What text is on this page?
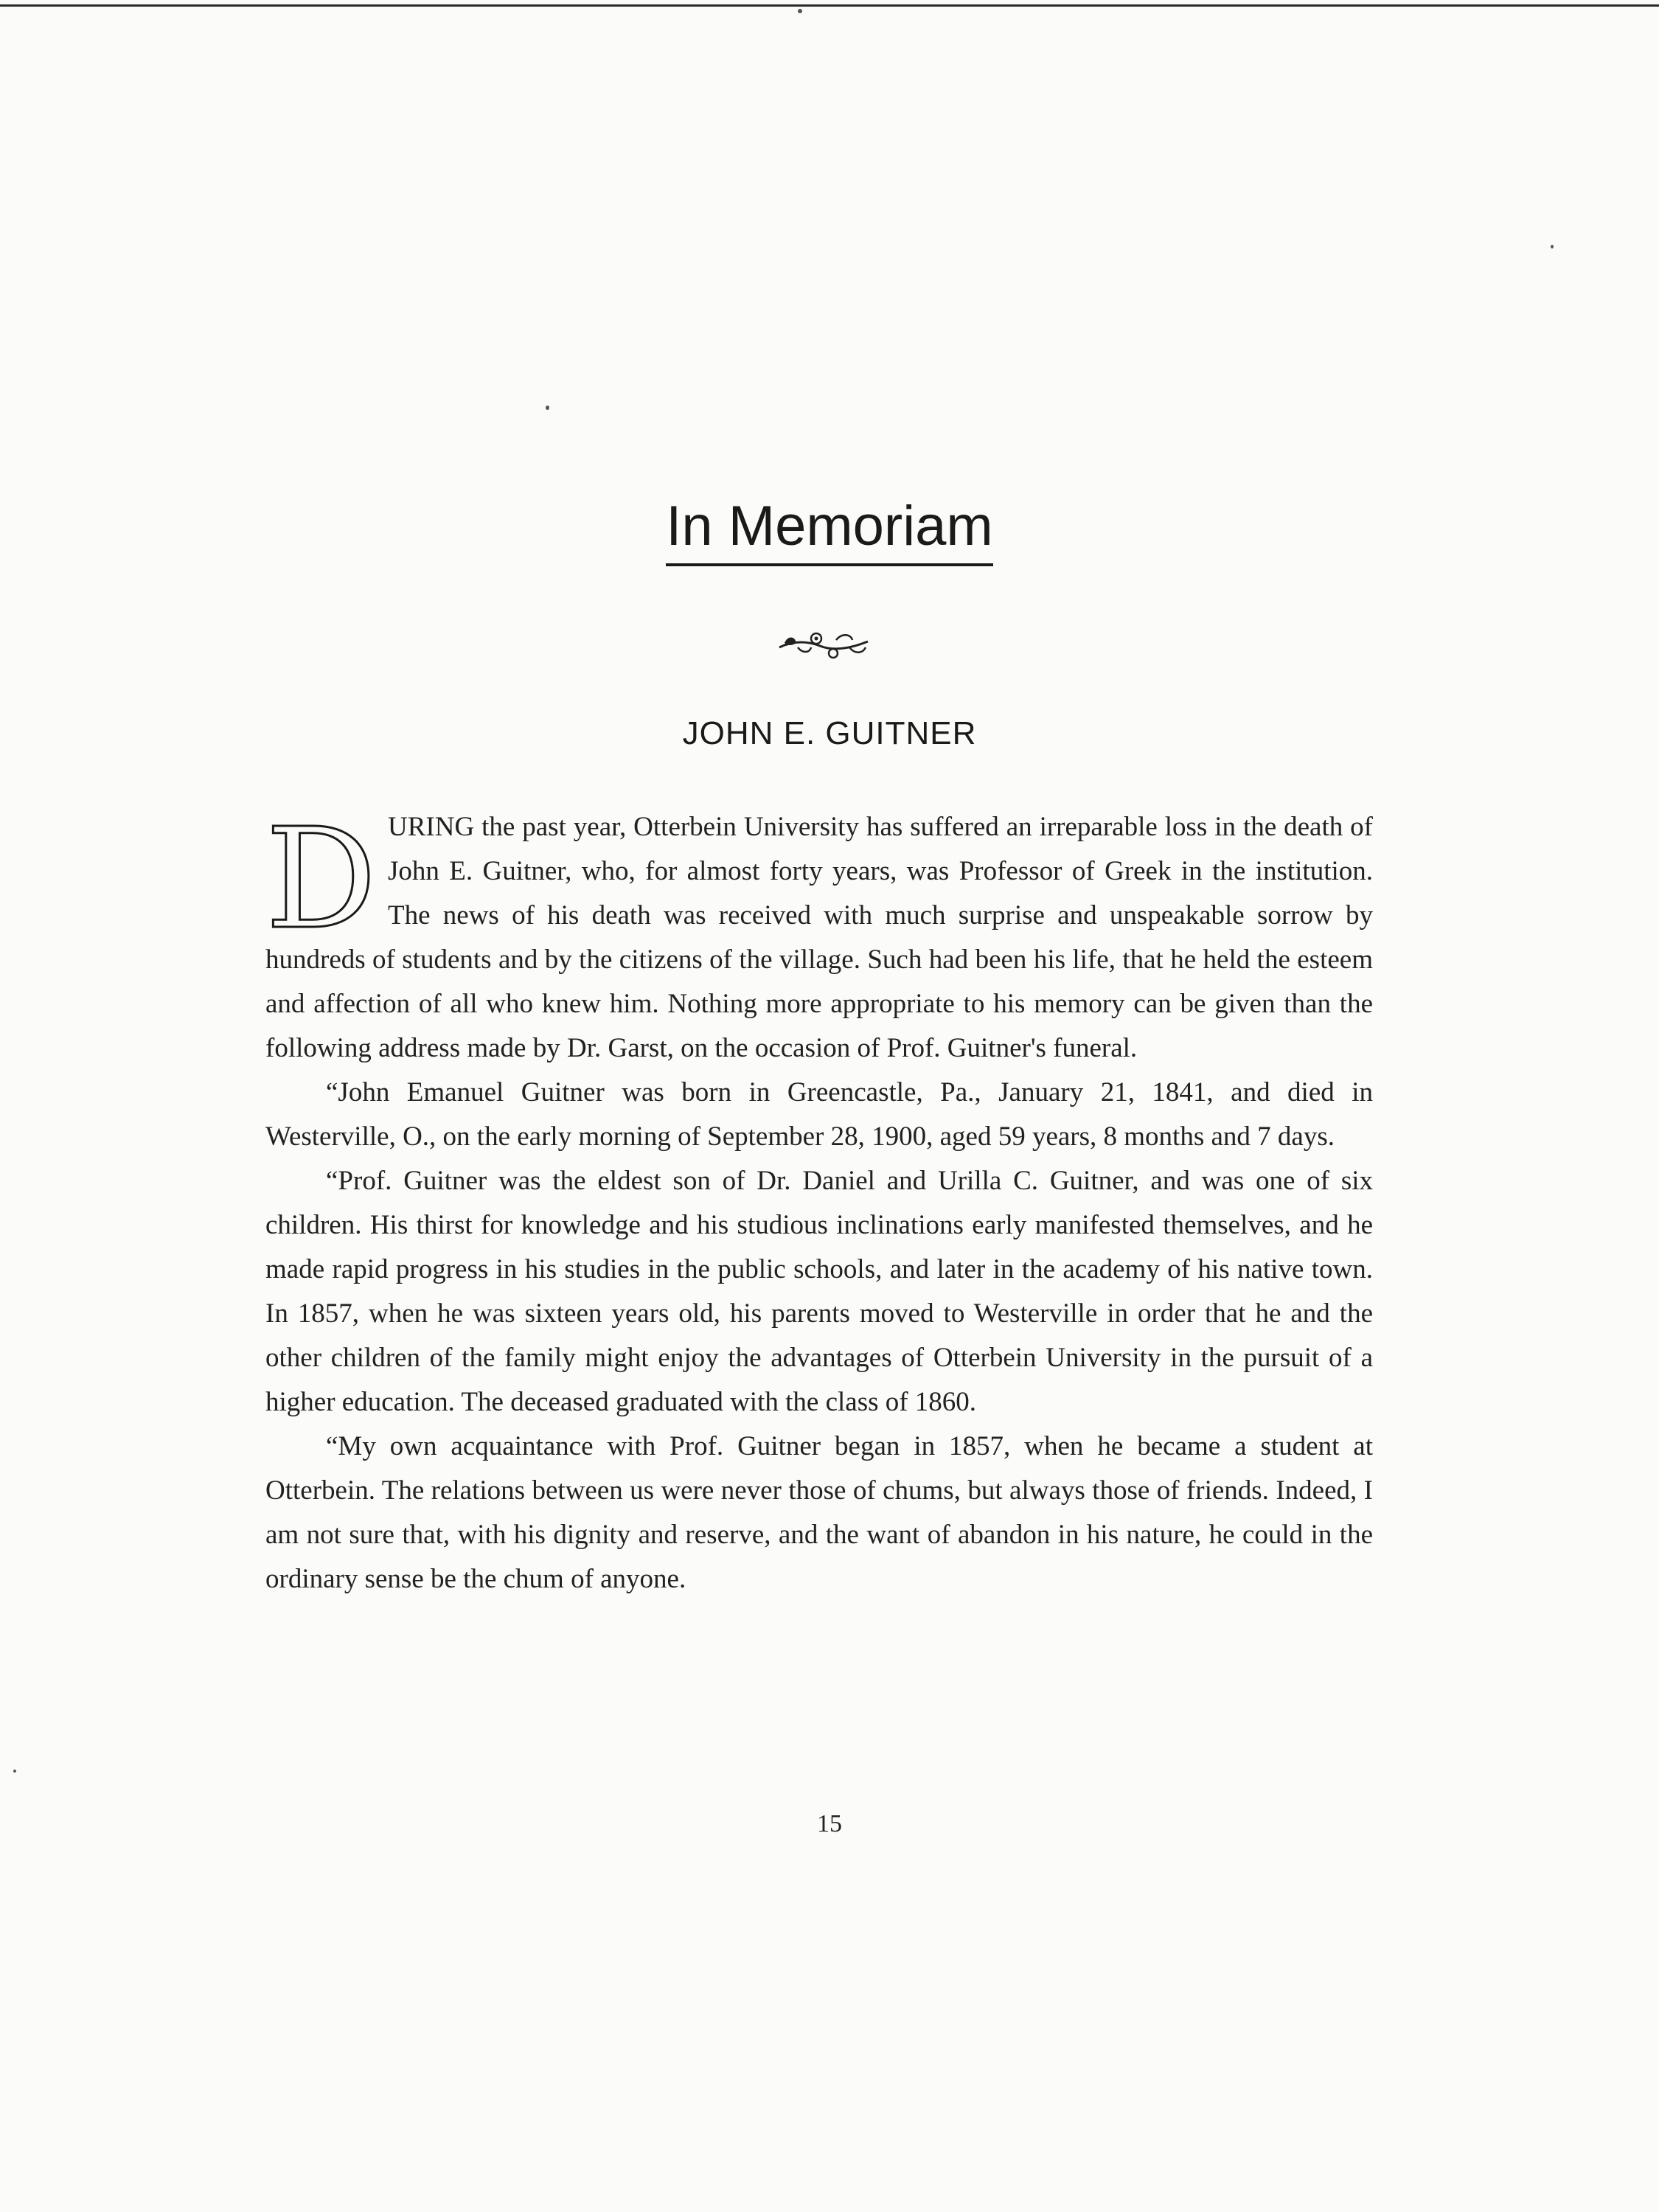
In Memoriam
JOHN E. GUITNER

D URING the past year, Otterbein University has suffered an irreparable loss in the death of John E. Guitner, who, for almost forty years, was Professor of Greek in the institution. The news of his death was received with much surprise and unspeakable sorrow by hundreds of students and by the citizens of the village. Such had been his life, that he held the esteem and affection of all who knew him. Nothing more appropriate to his memory can be given than the following address made by Dr. Garst, on the occasion of Prof. Guitner's funeral.

“John Emanuel Guitner was born in Greencastle, Pa., January 21, 1841, and died in Westerville, O., on the early morning of September 28, 1900, aged 59 years, 8 months and 7 days.

“Prof. Guitner was the eldest son of Dr. Daniel and Urilla C. Guitner, and was one of six children. His thirst for knowledge and his studious inclinations early manifested themselves, and he made rapid progress in his studies in the public schools, and later in the academy of his native town. In 1857, when he was sixteen years old, his parents moved to Westerville in order that he and the other children of the family might enjoy the advantages of Otterbein University in the pursuit of a higher education. The deceased graduated with the class of 1860.

“My own acquaintance with Prof. Guitner began in 1857, when he became a student at Otterbein. The relations between us were never those of chums, but always those of friends. Indeed, I am not sure that, with his dignity and reserve, and the want of abandon in his nature, he could in the ordinary sense be the chum of anyone.

15
